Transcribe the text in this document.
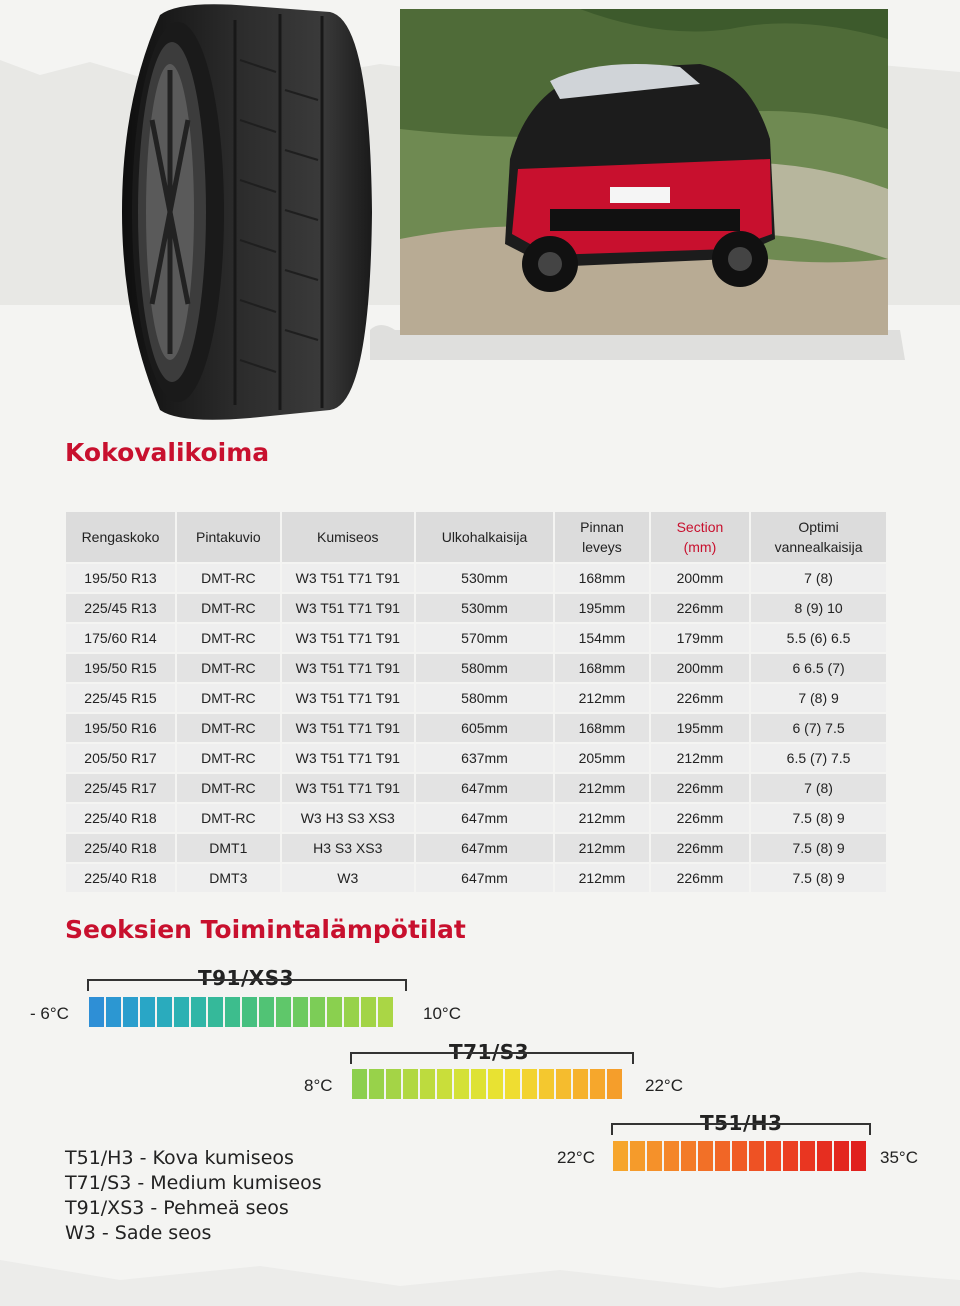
Kokovalikoima
Rengaskoko	Pintakuvio	Kumiseos	Ulkohalkaisija	Pinnan leveys	Section (mm)	Optimi vannealkaisija
195/50 R13	DMT-RC	W3 T51 T71 T91	530mm	168mm	200mm	7 (8)
225/45 R13	DMT-RC	W3 T51 T71 T91	530mm	195mm	226mm	8 (9) 10
175/60 R14	DMT-RC	W3 T51 T71 T91	570mm	154mm	179mm	5.5 (6) 6.5
195/50 R15	DMT-RC	W3 T51 T71 T91	580mm	168mm	200mm	6 6.5 (7)
225/45 R15	DMT-RC	W3 T51 T71 T91	580mm	212mm	226mm	7 (8) 9
195/50 R16	DMT-RC	W3 T51 T71 T91	605mm	168mm	195mm	6 (7) 7.5
205/50 R17	DMT-RC	W3 T51 T71 T91	637mm	205mm	212mm	6.5 (7) 7.5
225/45 R17	DMT-RC	W3 T51 T71 T91	647mm	212mm	226mm	7 (8)
225/40 R18	DMT-RC	W3 H3 S3 XS3	647mm	212mm	226mm	7.5 (8) 9
225/40 R18	DMT1	H3 S3 XS3	647mm	212mm	226mm	7.5 (8) 9
225/40 R18	DMT3	W3	647mm	212mm	226mm	7.5 (8) 9
Seoksien Toimintalämpötilat
T91/XS3
- 6°C	10°C
T71/S3
8°C	22°C
T51/H3
22°C	35°C
T51/H3 - Kova kumiseos
T71/S3 - Medium kumiseos
T91/XS3 - Pehmeä seos
W3 - Sade seos
